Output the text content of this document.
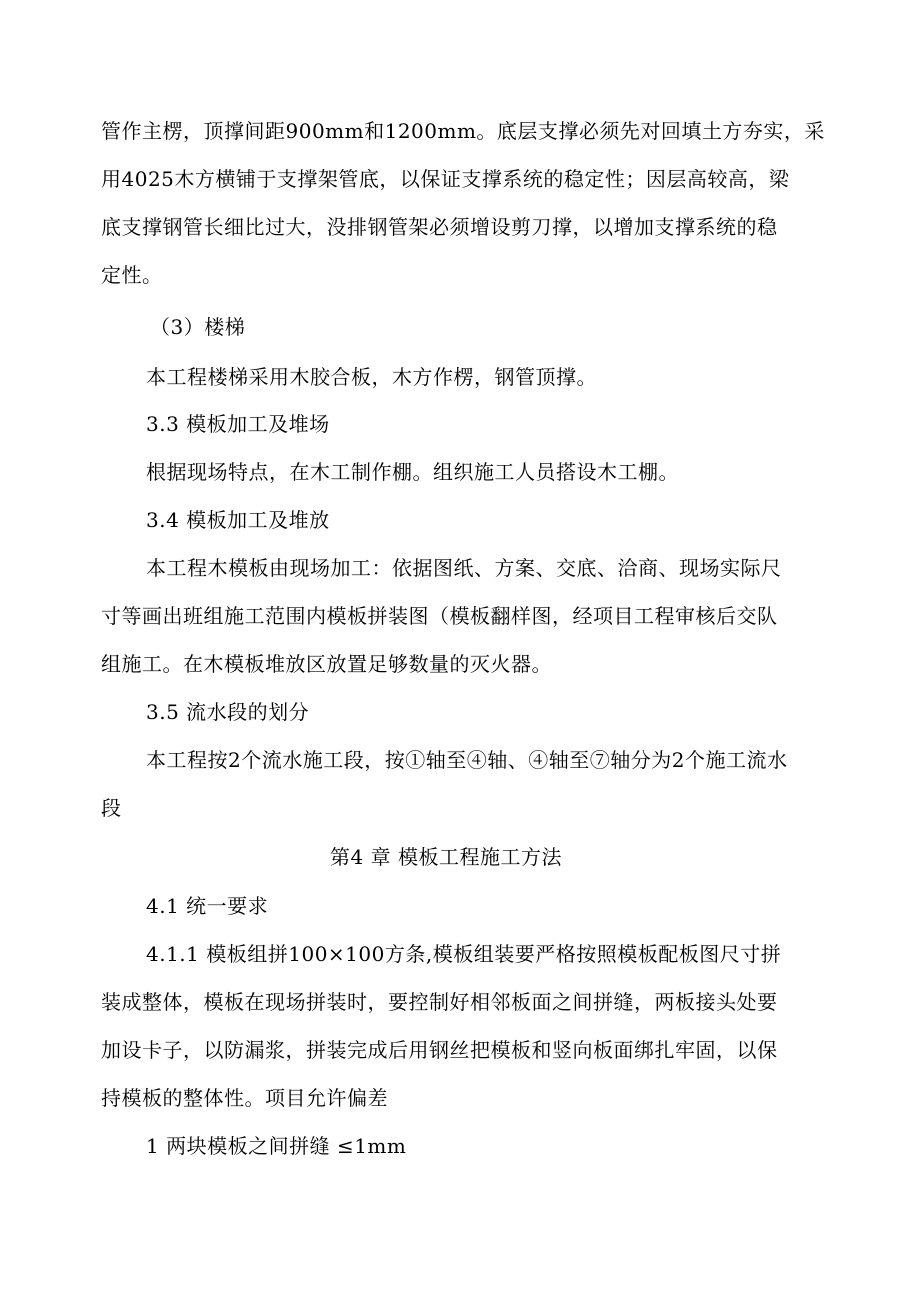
管作主楞，顶撑间距900mm和1200mm。底层支撑必须先对回填土方夯实，采
用4025木方横铺于支撑架管底，以保证支撑系统的稳定性；因层高较高，梁
底支撑钢管长细比过大，没排钢管架必须增设剪刀撑，以增加支撑系统的稳
定性。
（3）楼梯
本工程楼梯采用木胶合板，木方作楞，钢管顶撑。
3.3 模板加工及堆场
根据现场特点，在木工制作棚。组织施工人员搭设木工棚。
3.4 模板加工及堆放
本工程木模板由现场加工：依据图纸、方案、交底、洽商、现场实际尺
寸等画出班组施工范围内模板拼装图（模板翻样图，经项目工程审核后交队
组施工。在木模板堆放区放置足够数量的灭火器。
3.5 流水段的划分
本工程按2个流水施工段，按①轴至④轴、④轴至⑦轴分为2个施工流水
段
第4 章 模板工程施工方法
4.1 统一要求
4.1.1 模板组拼100×100方条,模板组装要严格按照模板配板图尺寸拼
装成整体，模板在现场拼装时，要控制好相邻板面之间拼缝，两板接头处要
加设卡子，以防漏浆，拼装完成后用钢丝把模板和竖向板面绑扎牢固，以保
持模板的整体性。项目允许偏差
1 两块模板之间拼缝 ≤1mm
